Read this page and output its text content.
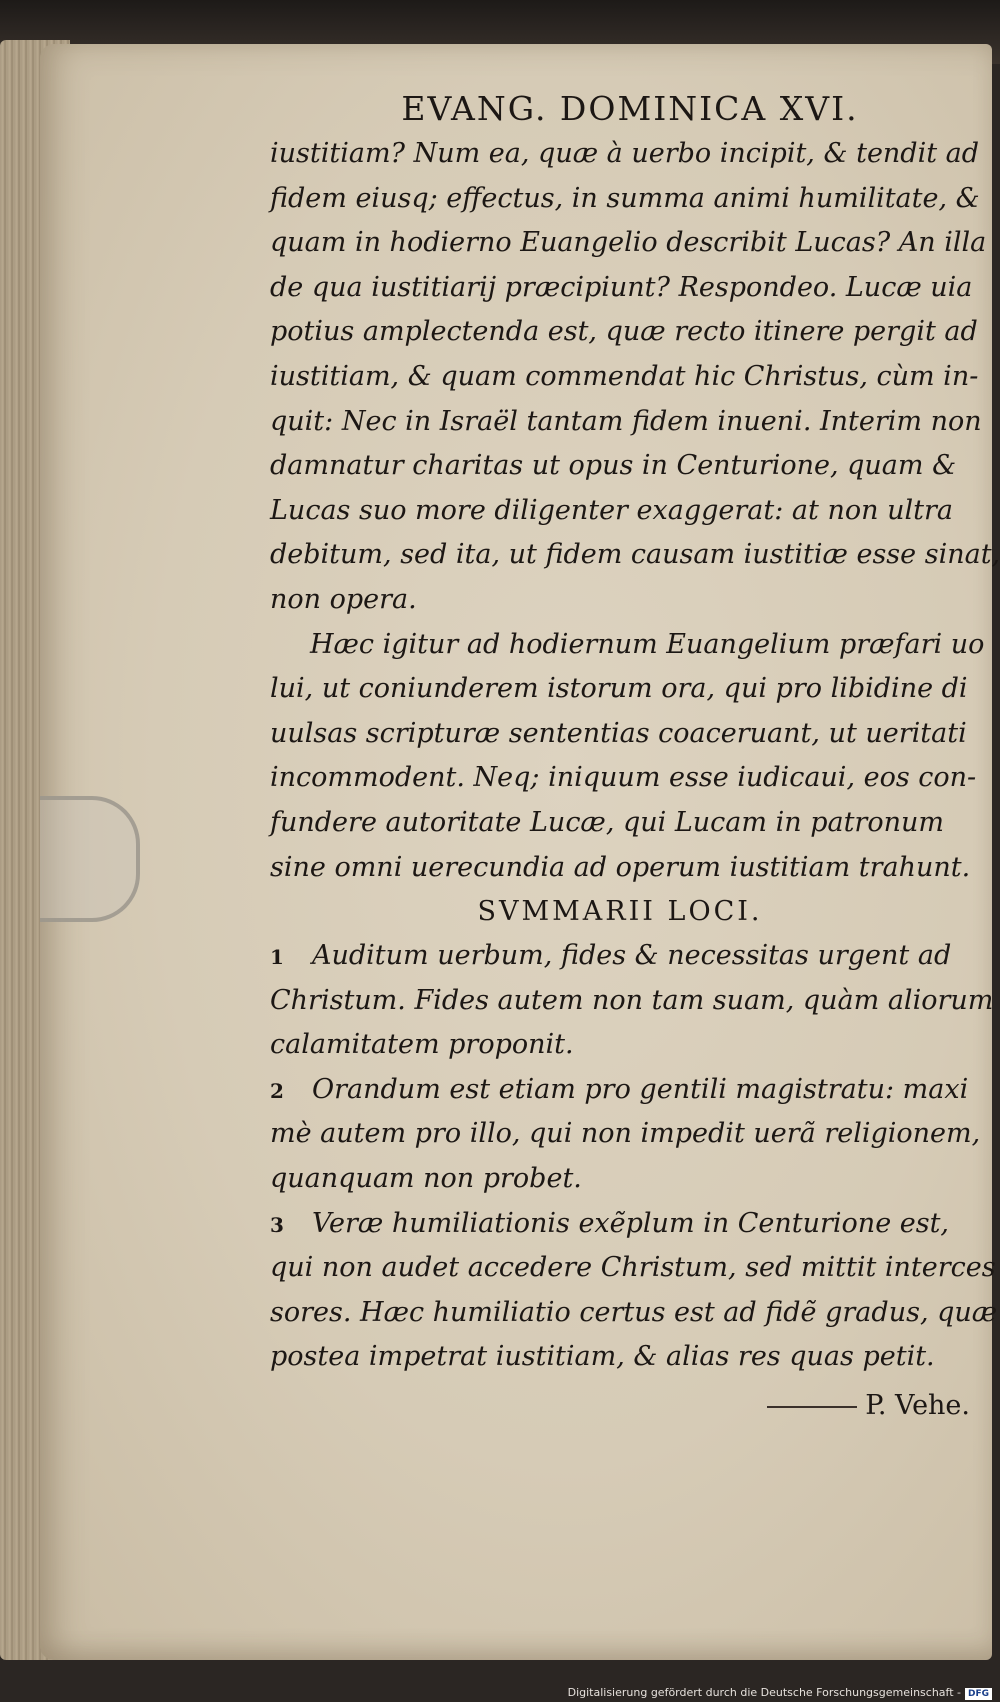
EVANG. DOMINICA XVI.
iustitiam? Num ea, quæ à uerbo incipit, & tendit ad
fidem eiusq; effectus, in summa animi humilitate, &
quam in hodierno Euangelio describit Lucas? An illa
de qua iustitiarij præcipiunt? Respondeo. Lucæ uia
potius amplectenda est, quæ recto itinere pergit ad
iustitiam, & quam commendat hic Christus, cùm in-
quit: Nec in Israël tantam fidem inueni. Interim non
damnatur charitas ut opus in Centurione, quam &
Lucas suo more diligenter exaggerat: at non ultra
debitum, sed ita, ut fidem causam iustitiæ esse sinat,
non opera.
Hæc igitur ad hodiernum Euangelium præfari uo
lui, ut coniunderem istorum ora, qui pro libidine di
uulsas scripturæ sententias coaceruant, ut ueritati
incommodent. Neq; iniquum esse iudicaui, eos con-
fundere autoritate Lucæ, qui Lucam in patronum
sine omni uerecundia ad operum iustitiam trahunt.
SVMMARII LOCI.
1 Auditum uerbum, fides & necessitas urgent ad
Christum. Fides autem non tam suam, quàm aliorum
calamitatem proponit.
2 Orandum est etiam pro gentili magistratu: maxi
mè autem pro illo, qui non impedit uerã religionem,
quanquam non probet.
3 Veræ humiliationis exẽplum in Centurione est,
qui non audet accedere Christum, sed mittit interces
sores. Hæc humiliatio certus est ad fidẽ gradus, quæ
postea impetrat iustitiam, & alias res quas petit.
P. Vehe.
Digitalisierung gefördert durch die Deutsche Forschungsgemeinschaft - DFG
